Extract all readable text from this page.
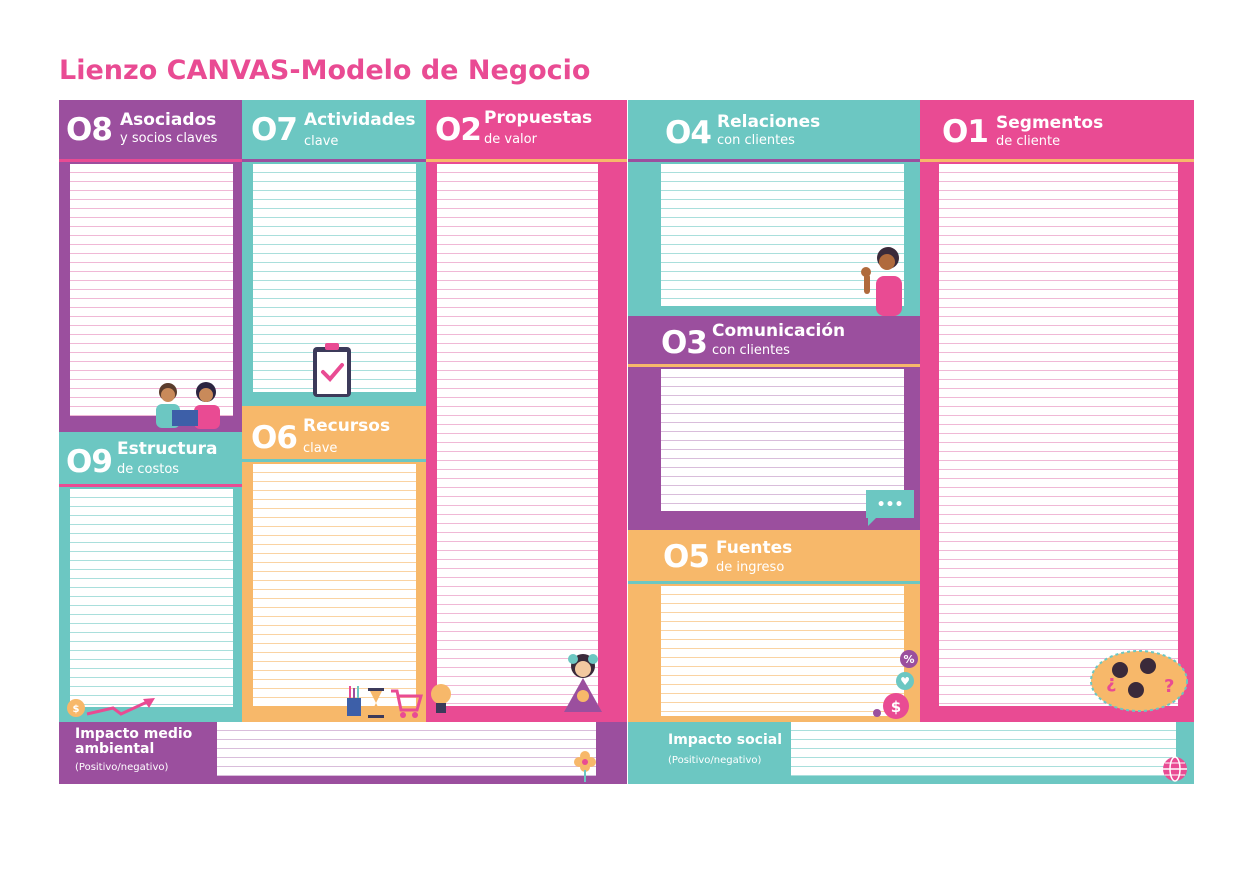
Lienzo CANVAS-Modelo de Negocio
O8 Asociados
y socios claves O7 Actividades
clave	O2 Propuestas
de valor	O4 Relaciones
con clientes
O3 Comunicación
con clientes
O5 Fuentes
de ingreso
O1 Segmentos
de cliente
O6 Recursos
clave
O9 Estructura
de costos
Impacto medio
ambiental
(Positivo/negativo)
Impacto social
(Positivo/negativo)
•••
%
♥
$
$
¿	?
